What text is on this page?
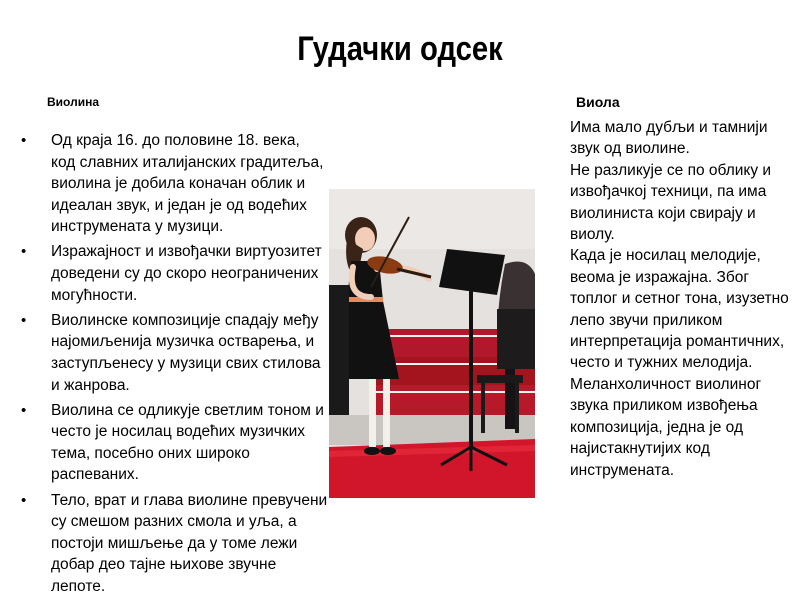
Гудачки одсек
Виолина
• Од краја 16. до половине 18. века, код славних италијанских градитеља, виолина је добила коначан облик и идеалан звук, и један је од водећих инструмената у музици.
• Изражајност и извођачки виртуозитет доведени су до скоро неограничених могућности.
• Виолинске композиције спадају међу најомиљенија музичка остварења, и заступљенесу у музици свих стилова и жанрова.
• Виолина се одликује светлим тоном и често је носилац водећих музичких тема, посебно оних широко распеваних.
• Тело, врат и глава виолине превучени су смешом разних смола и уља, а постоји мишљење да у томе лежи добар део тајне њихове звучне лепоте.
Виола

Има мало дубљи и тамнији звук од виолине.

Не разликује се по облику и извођачкој техници, па има виолиниста који свирају и виолу.

Када је носилац мелодије, веома је изражајна. Због топлог и сетног тона, изузетно лепо звучи приликом интерпретација романтичних, често и тужних мелодија.

Меланхоличност виолиног звука приликом извођења композиција, једна је од најистакнутијих код инструмената.
